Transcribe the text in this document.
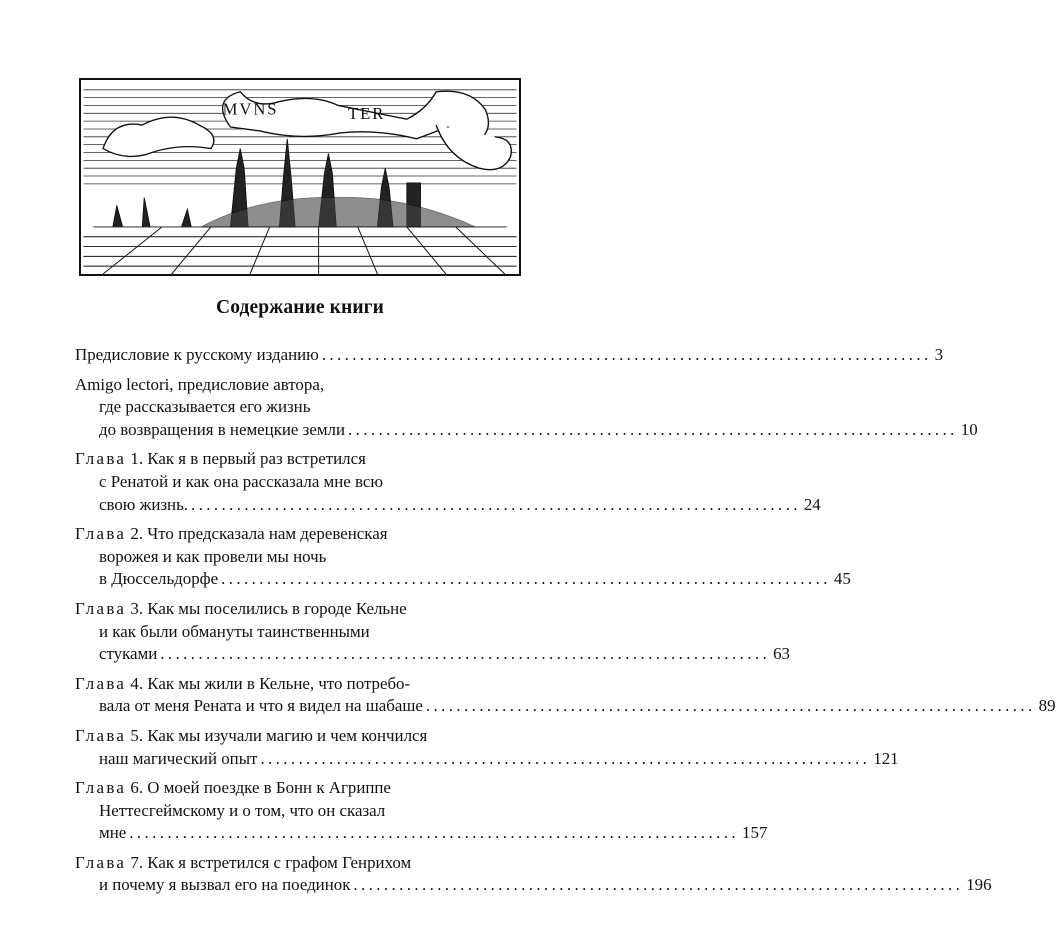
MVNS	TER
Содержание книги
Предисловие к русскому изданию ................................................................................ 3
Amigo lectori, предисловие автора,
где рассказывается его жизнь
до возвращения в немецкие земли ................................................................................ 10
Глава 1. Как я в первый раз встретился
с Ренатой и как она рассказала мне всю
свою жизнь. ................................................................................ 24
Глава 2. Что предсказала нам деревенская
ворожея и как провели мы ночь
в Дюссельдорфе ................................................................................ 45
Глава 3. Как мы поселились в городе Кельне
и как были обмануты таинственными
стуками ................................................................................ 63
Глава 4. Как мы жили в Кельне, что потребо-
вала от меня Рената и что я видел на шабаше ................................................................................ 89
Глава 5. Как мы изучали магию и чем кончился
наш магический опыт ................................................................................ 121
Глава 6. О моей поездке в Бонн к Агриппе
Неттесгеймскому и о том, что он сказал
мне ................................................................................ 157
Глава 7. Как я встретился с графом Генрихом
и почему я вызвал его на поединок ................................................................................ 196
